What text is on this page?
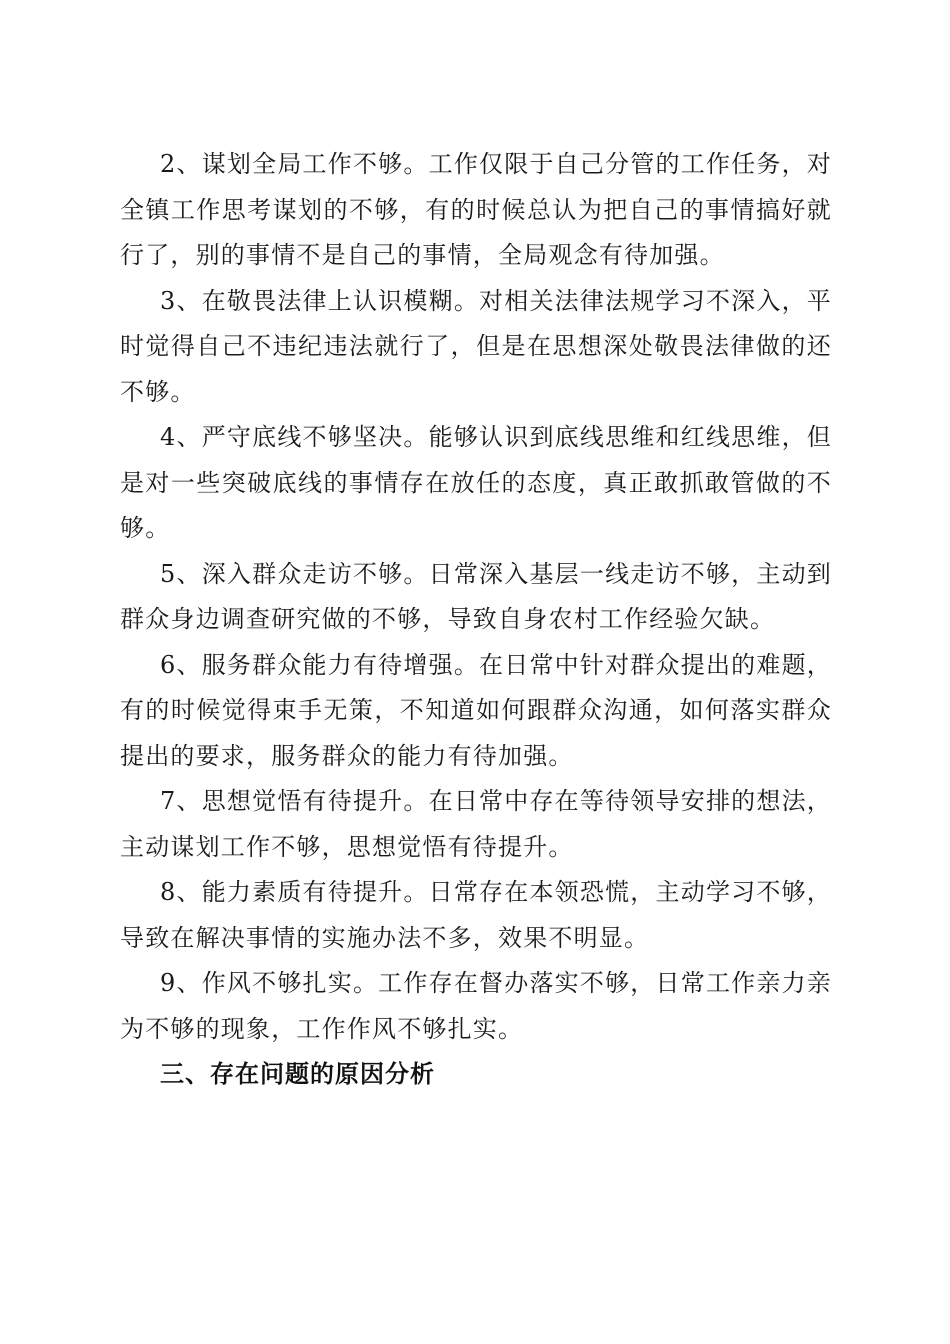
2、谋划全局工作不够。工作仅限于自己分管的工作任务，对全镇工作思考谋划的不够，有的时候总认为把自己的事情搞好就行了，别的事情不是自己的事情，全局观念有待加强。

3、在敬畏法律上认识模糊。对相关法律法规学习不深入，平时觉得自己不违纪违法就行了，但是在思想深处敬畏法律做的还不够。

4、严守底线不够坚决。能够认识到底线思维和红线思维，但是对一些突破底线的事情存在放任的态度，真正敢抓敢管做的不够。

5、深入群众走访不够。日常深入基层一线走访不够，主动到群众身边调查研究做的不够，导致自身农村工作经验欠缺。

6、服务群众能力有待增强。在日常中针对群众提出的难题，有的时候觉得束手无策，不知道如何跟群众沟通，如何落实群众提出的要求，服务群众的能力有待加强。

7、思想觉悟有待提升。在日常中存在等待领导安排的想法，主动谋划工作不够，思想觉悟有待提升。

8、能力素质有待提升。日常存在本领恐慌，主动学习不够，导致在解决事情的实施办法不多，效果不明显。

9、作风不够扎实。工作存在督办落实不够，日常工作亲力亲为不够的现象，工作作风不够扎实。

三、存在问题的原因分析
